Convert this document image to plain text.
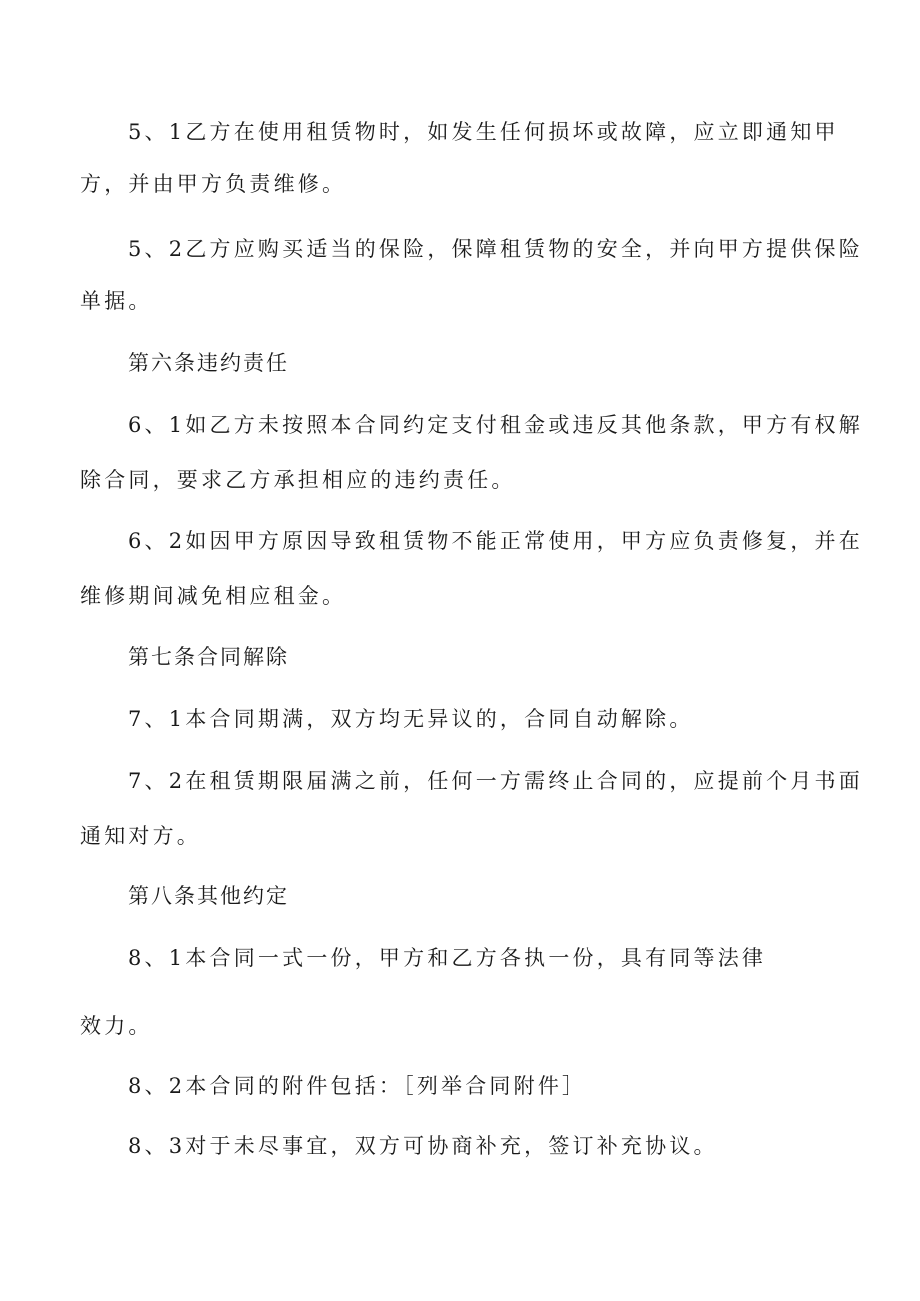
5、1乙方在使用租赁物时，如发生任何损坏或故障，应立即通知甲
方，并由甲方负责维修。
5、2乙方应购买适当的保险，保障租赁物的安全，并向甲方提供保险
单据。
第六条违约责任
6、1如乙方未按照本合同约定支付租金或违反其他条款，甲方有权解
除合同，要求乙方承担相应的违约责任。
6、2如因甲方原因导致租赁物不能正常使用，甲方应负责修复，并在
维修期间减免相应租金。
第七条合同解除
7、1本合同期满，双方均无异议的，合同自动解除。
7、2在租赁期限届满之前，任何一方需终止合同的，应提前个月书面
通知对方。
第八条其他约定
8、1本合同一式一份，甲方和乙方各执一份，具有同等法律
效力。
8、2本合同的附件包括：［列举合同附件］
8、3对于未尽事宜，双方可协商补充，签订补充协议。
